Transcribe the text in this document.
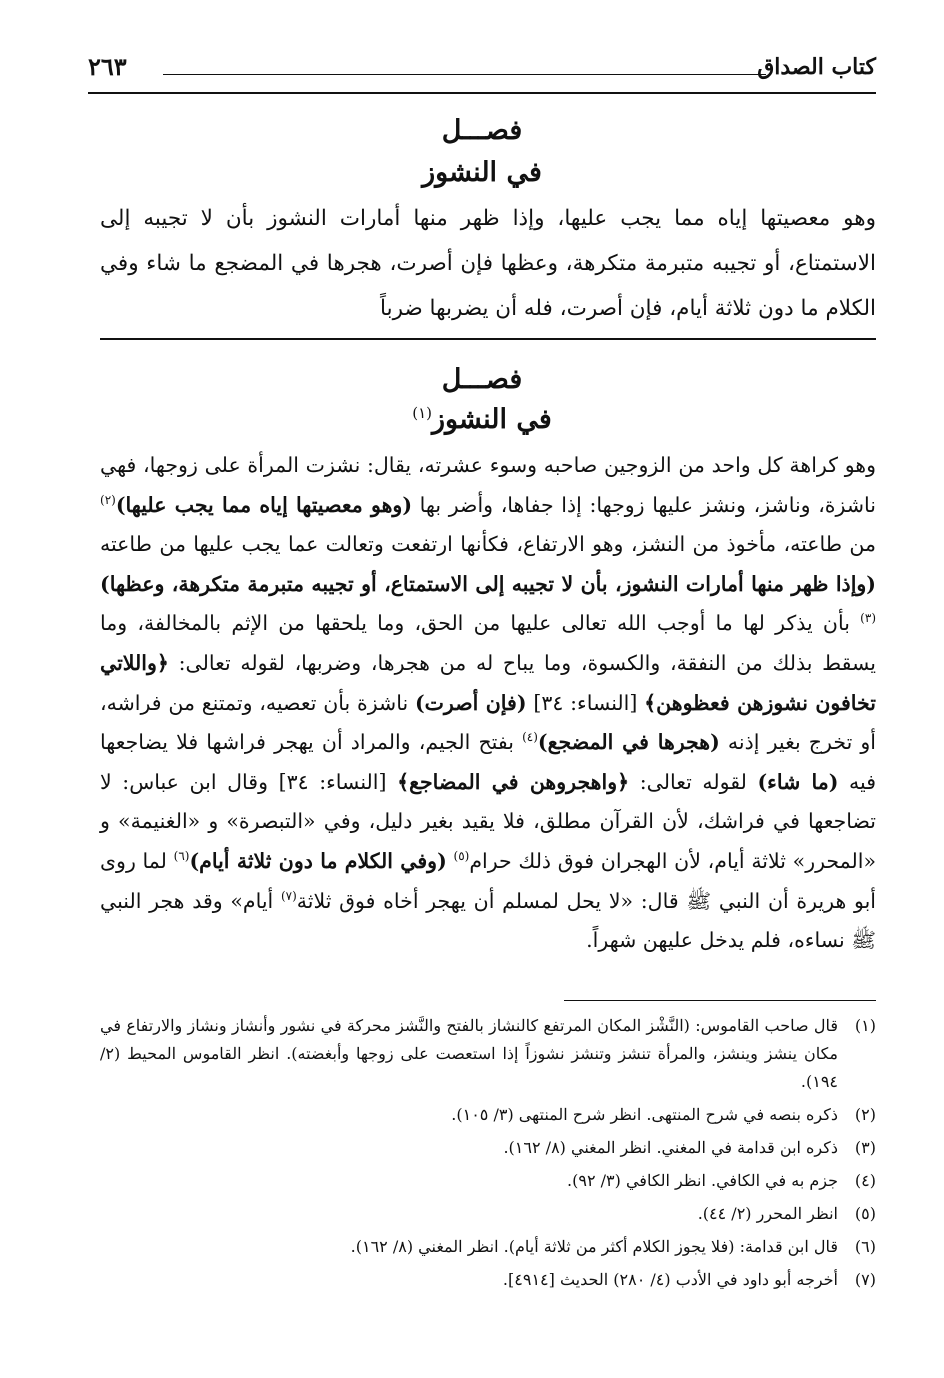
كتاب الصداق
٢٦٣
فصـــل
في النشوز
وهو معصيتها إياه مما يجب عليها، وإذا ظهر منها أمارات النشوز بأن لا تجيبه إلى الاستمتاع، أو تجيبه متبرمة متكرهة، وعظها فإن أصرت، هجرها في المضجع ما شاء وفي الكلام ما دون ثلاثة أيام، فإن أصرت، فله أن يضربها ضرباً
فصـــل
في النشوز$^{(١)}$
وهو كراهة كل واحد من الزوجين صاحبه وسوء عشرته، يقال: نشزت المرأة على زوجها، فهي ناشزة، وناشز، ونشز عليها زوجها: إذا جفاها، وأضر بها (وهو معصيتها إياه مما يجب عليها)$^{(٢)}$ من طاعته، مأخوذ من النشز، وهو الارتفاع، فكأنها ارتفعت وتعالت عما يجب عليها من طاعته (وإذا ظهر منها أمارات النشوز، بأن لا تجيبه إلى الاستمتاع، أو تجيبه متبرمة متكرهة، وعظها)$^{(٣)}$ بأن يذكر لها ما أوجب الله تعالى عليها من الحق، وما يلحقها من الإثم بالمخالفة، وما يسقط بذلك من النفقة، والكسوة، وما يباح له من هجرها، وضربها، لقوله تعالى: ﴿واللاتي تخافون نشوزهن فعظوهن﴾ [النساء: ٣٤] (فإن أصرت) ناشزة بأن تعصيه، وتمتنع من فراشه، أو تخرج بغير إذنه (هجرها في المضجع)$^{(٤)}$ بفتح الجيم، والمراد أن يهجر فراشها فلا يضاجعها فيه (ما شاء) لقوله تعالى: ﴿واهجروهن في المضاجع﴾ [النساء: ٣٤] وقال ابن عباس: لا تضاجعها في فراشك، لأن القرآن مطلق، فلا يقيد بغير دليل، وفي «التبصرة» و «الغنيمة» و «المحرر» ثلاثة أيام، لأن الهجران فوق ذلك حرام$^{(٥)}$ (وفي الكلام ما دون ثلاثة أيام)$^{(٦)}$ لما روى أبو هريرة أن النبي ﷺ قال: «لا يحل لمسلم أن يهجر أخاه فوق ثلاثة$^{(٧)}$ أيام» وقد هجر النبي ﷺ نساءه، فلم يدخل عليهن شهراً.
(١)
قال صاحب القاموس: (النَّشْز المكان المرتفع كالنشاز بالفتح والنَّشز محركة في نشور وأنشاز ونشاز والارتفاع في مكان ينشز وينشز، والمرأة تنشز وتنشز نشوزاً إذا استعصت على زوجها وأبغضته). انظر القاموس المحيط (٢/ ١٩٤).
(٢)
ذكره بنصه في شرح المنتهى. انظر شرح المنتهى (٣/ ١٠٥).
(٣)
ذكره ابن قدامة في المغني. انظر المغني (٨/ ١٦٢).
(٤)
جزم به في الكافي. انظر الكافي (٣/ ٩٢).
(٥)
انظر المحرر (٢/ ٤٤).
(٦)
قال ابن قدامة: (فلا يجوز الكلام أكثر من ثلاثة أيام). انظر المغني (٨/ ١٦٢).
(٧)
أخرجه أبو داود في الأدب (٤/ ٢٨٠) الحديث [٤٩١٤].
